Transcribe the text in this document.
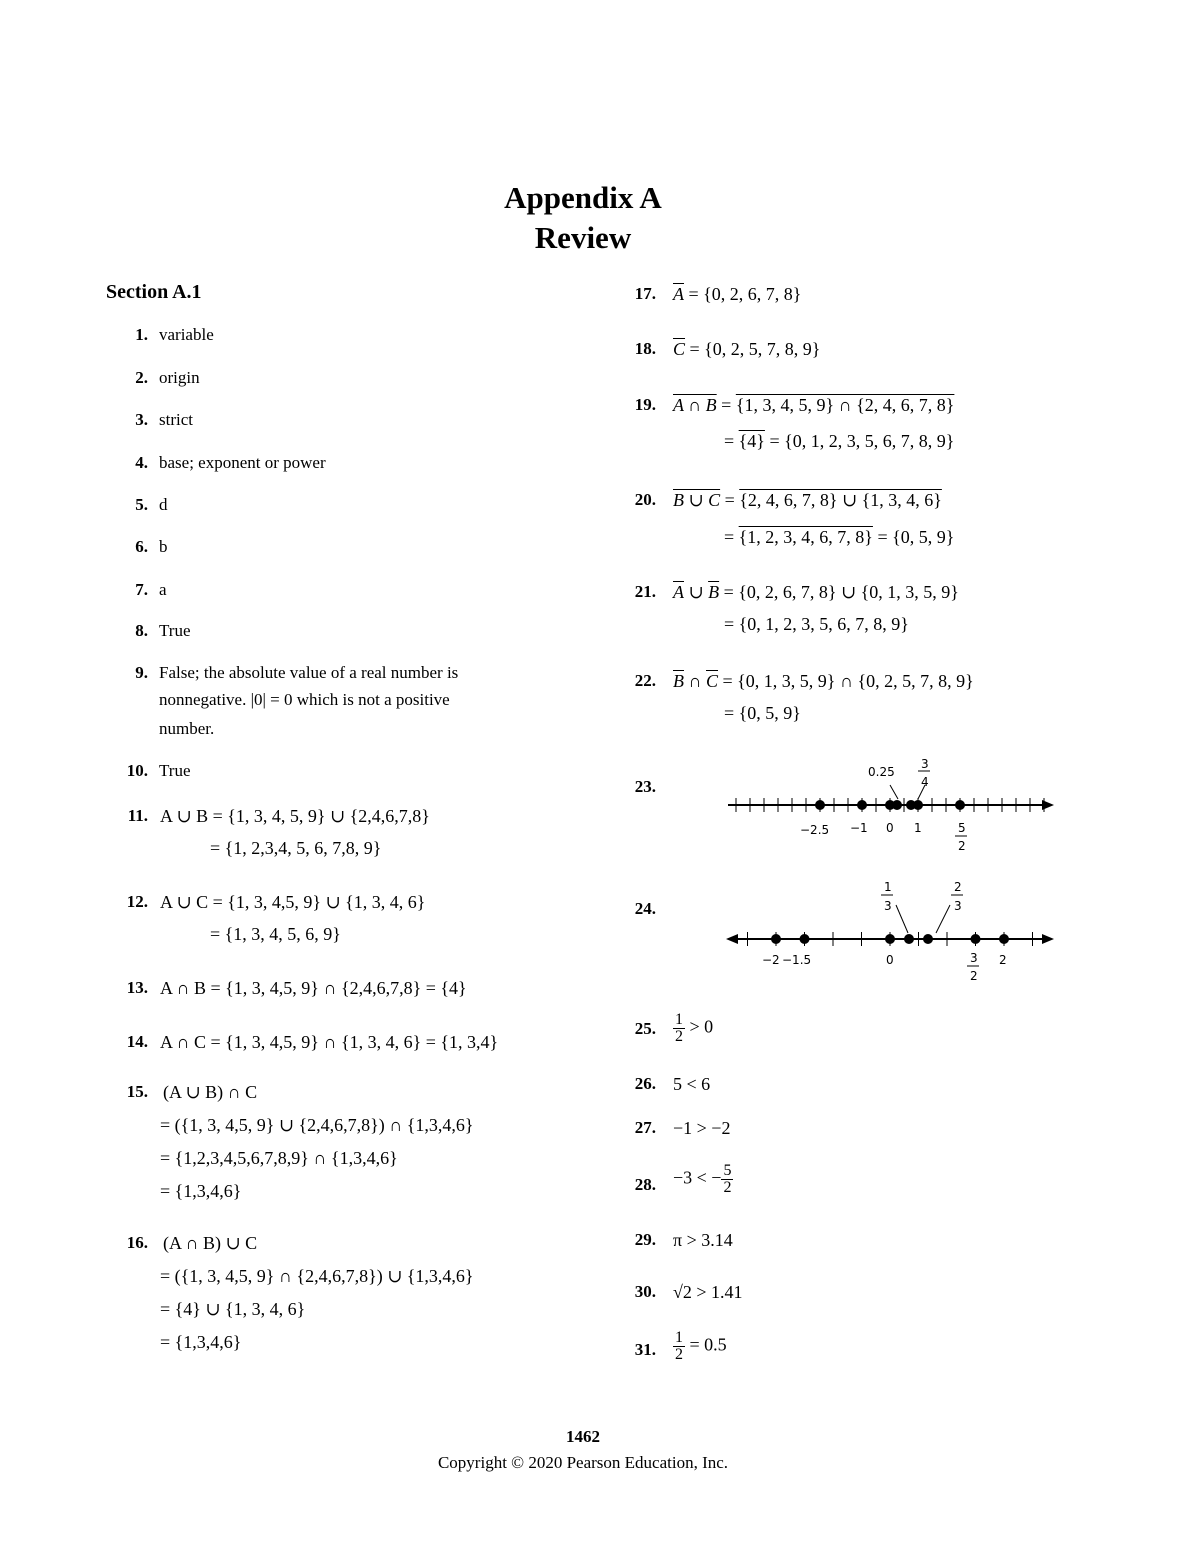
Appendix A
Review
Section A.1
1. variable
2. origin
3. strict
4. base; exponent or power
5. d
6. b
7. a
8. True
9. False; the absolute value of a real number is
nonnegative. |0| = 0 which is not a positive
number.
10. True
11. A ∪ B = {1, 3, 4, 5, 9} ∪ {2,4,6,7,8}
= {1, 2,3,4, 5, 6, 7,8, 9}
12. A ∪ C = {1, 3, 4,5, 9} ∪ {1, 3, 4, 6}
= {1, 3, 4, 5, 6, 9}
13. A ∩ B = {1, 3, 4,5, 9} ∩ {2,4,6,7,8} = {4}
14. A ∩ C = {1, 3, 4,5, 9} ∩ {1, 3, 4, 6} = {1, 3,4}
15. (A ∪ B) ∩ C
= ({1, 3, 4,5, 9} ∪ {2,4,6,7,8}) ∩ {1,3,4,6}
= {1,2,3,4,5,6,7,8,9} ∩ {1,3,4,6}
= {1,3,4,6}
16. (A ∩ B) ∪ C
= ({1, 3, 4,5, 9} ∩ {2,4,6,7,8}) ∪ {1,3,4,6}
= {4} ∪ {1, 3, 4, 6}
= {1,3,4,6}
17. $\overline{A} = \{0$, 2, 6, 7, 8}
18. $\overline{C} = \{0$, 2, 5, 7, 8, 9}
19. A ∩ B = {1, 3, 4, 5, 9} ∩ {2, 4, 6, 7, 8}
= {4} = {0, 1, 2, 3, 5, 6, 7, 8, 9}
20. B ∪ C = {2, 4, 6, 7, 8} ∪ {1, 3, 4, 6}
= {1, 2, 3, 4, 6, 7, 8} = {0, 5, 9}
21. $\overline{A}$ ∪ $\overline{B} = \{0$, 2, 6, 7, 8} ∪ {0, 1, 3, 5, 9}
= {0, 1, 2, 3, 5, 6, 7, 8, 9}
22. $\overline{B}$ ∩ $\overline{C} = \{0$, 1, 3, 5, 9} ∩ {0, 2, 5, 7, 8, 9}
= {0, 5, 9}
23.
0.25
3
4
−2.5 −1 0 1	5
2
24.
1
3
2
3
−2 −1.5	0	3
2
2
25. $\frac{1}{2} > 0$
26. 5 < 6
27. −1 > −2
28. −3 < − $\frac{5}{2}$
29. π > 3.14
30. √2 > 1.41
31. $\frac{1}{2} = 0.5$
1462
Copyright © 2020 Pearson Education, Inc.
